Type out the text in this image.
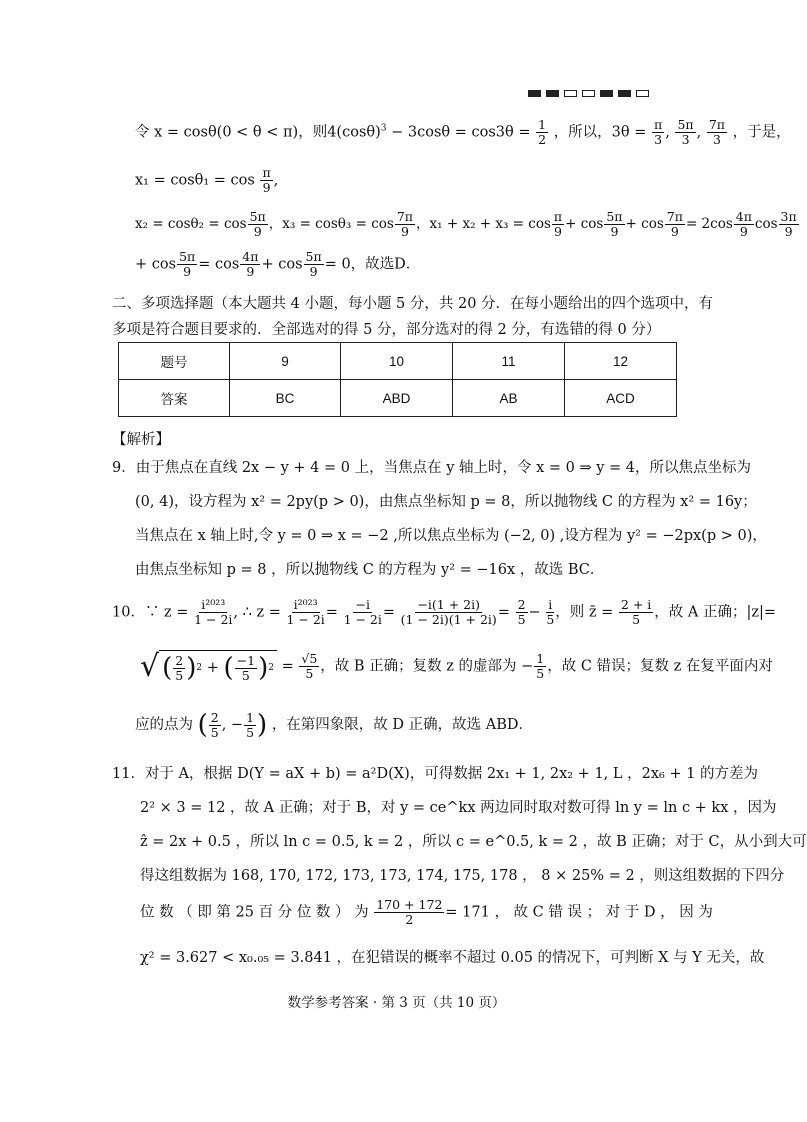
令 x = cosθ(0 < θ < π)，则$4(\cos\theta)^3 - 3\cos\theta = \cos 3\theta = \frac{1}{2}$ ，所以，$3\theta = \frac{\pi}{3}$ , $\frac{5\pi}{3}$ , $\frac{7\pi}{3}$ ，于是，
$x_1 = \cos\theta_1 = \cos \frac{\pi}{9}$ ,
$x_2 = \cos\theta_2 = \cos \frac{5\pi}{9}$ ，$x_3 = \cos\theta_3 = \cos \frac{7\pi}{9}$ ，$x_1 + x_2 + x_3 = \cos \frac{\pi}{9} + \cos \frac{5\pi}{9} + \cos \frac{7\pi}{9} = 2\cos \frac{4\pi}{9}$ $\cos \frac{3\pi}{9}$
+ $\cos \frac{5\pi}{9} = \cos \frac{4\pi}{9} + \cos \frac{5\pi}{9} = 0$，故选D．
二、多项选择题（本大题共 4 小题，每小题 5 分，共 20 分．在每小题给出的四个选项中，有
多项是符合题目要求的．全部选对的得 5 分，部分选对的得 2 分，有选错的得 0 分）
题号	9	10	11	12
答案	BC	ABD	AB	ACD
【解析】
9．由于焦点在直线 2x − y + 4 = 0 上，当焦点在 y 轴上时，令 x = 0 ⇒ y = 4，所以焦点坐标为
(0, 4)，设方程为 x² = 2py(p > 0)，由焦点坐标知 p = 8，所以抛物线 C 的方程为 x² = 16y；
当焦点在 x 轴上时,令 y = 0 ⇒ x = −2 ,所以焦点坐标为 (−2, 0) ,设方程为 y² = −2px(p > 0)，
由焦点坐标知 p = 8 ，所以抛物线 C 的方程为 y² = −16x ，故选 BC．
10．∵ $z = \frac{\text{i²⁰²³}}{1 - 2i}$ , ∴ $z = \frac{\text{i²⁰²³}}{1 - 2i} = \frac{-i}{1 - 2i} = \frac{-i(1 + 2i)}{(1 - 2i)(1 + 2i)} = \frac{2}{5} - \frac{i}{5}$ ，则 z̄ = $\frac{2 + i}{5}$ ，故 A 正确；|z|=
√ ( $\frac{2}{5}$ ) 2
+
( $\frac{-1}{5}$ ) $2 = \frac{√5}{5}$ ，故 B 正确；复数 z 的虚部为 − $\frac{1}{5}$ ，故 C 错误；复数 z 在复平面内对
应的点为 ( $\frac{2}{5}$ , − $\frac{1}{5}$ ) ，在第四象限，故 D 正确，故选 ABD．
11．对于 A，根据 D(Y = aX + b) = a²D(X)，可得数据 2x₁ + 1, 2x₂ + 1, L ，2x₆ + 1 的方差为
2² × 3 = 12 ，故 A 正确；对于 B，对 y = ce^kx 两边同时取对数可得 ln y = ln c + kx ，因为
ẑ = 2x + 0.5 ，所以 ln c = 0.5, k = 2 ，所以 c = e^0.5, k = 2 ，故 B 正确；对于 C，从小到大可
得这组数据为 168, 170, 172, 173, 173, 174, 175, 178 ， 8 × 25% = 2 ，则这组数据的下四分
位 数 （ 即 第 25 百 分 位 数 ） 为 $\frac{170 + 172}{2} = 171$ ， 故 C 错 误 ； 对 于 D ， 因 为
χ² = 3.627 < x₀.₀₅ = 3.841 ，在犯错误的概率不超过 0.05 的情况下，可判断 X 与 Y 无关，故
数学参考答案 · 第 3 页（共 10 页）
